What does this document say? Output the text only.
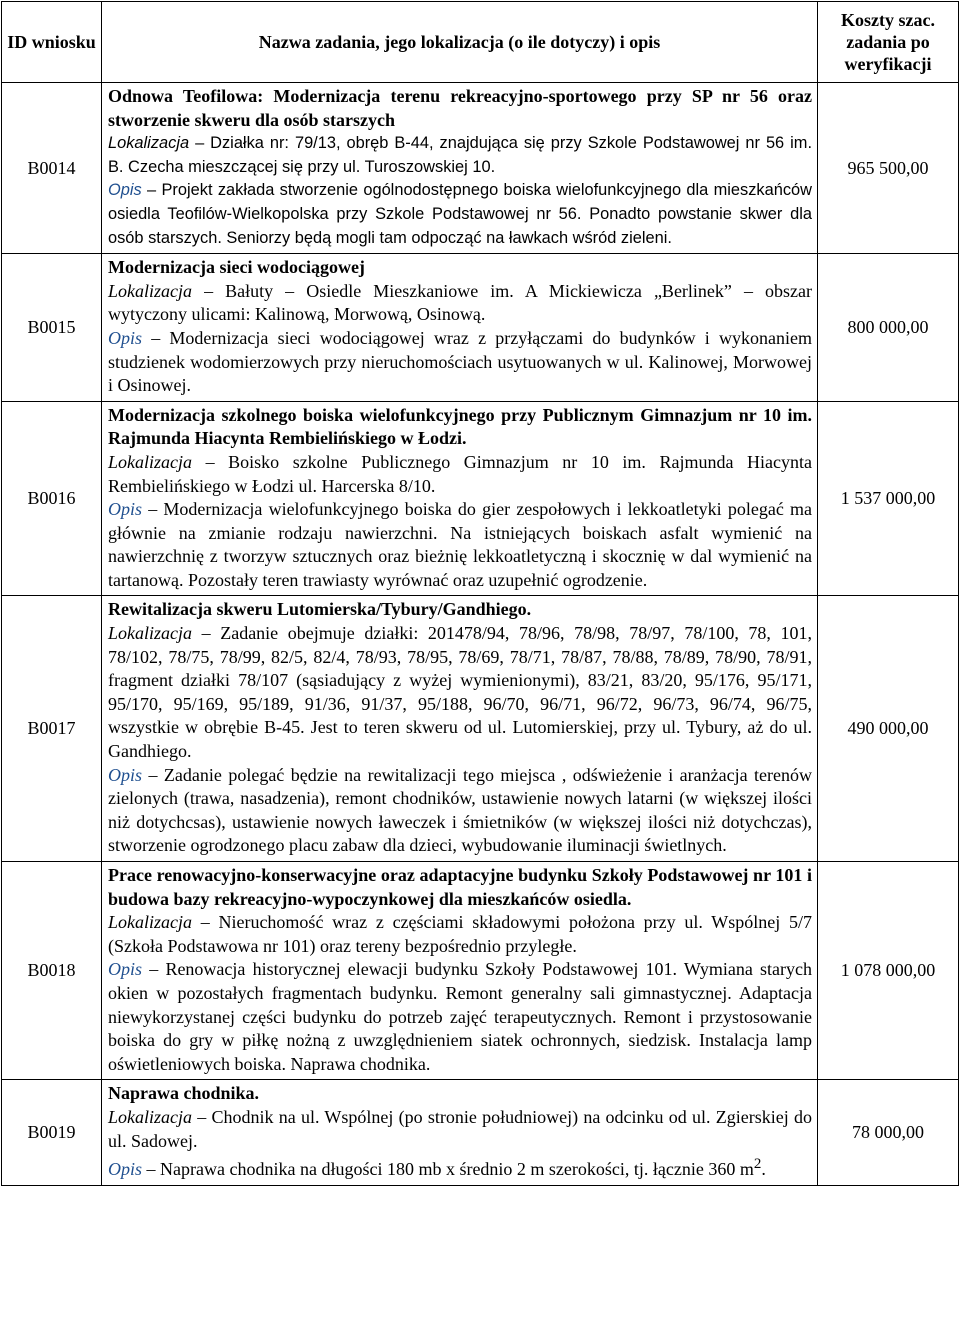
ID wniosku	Nazwa zadania, jego lokalizacja (o ile dotyczy) i opis	Koszty szac. zadania po weryfikacji
B0014	Odnowa Teofilowa: Modernizacja terenu rekreacyjno-sportowego przy SP nr 56 oraz stworzenie skweru dla osób starszych
Lokalizacja – Działka nr: 79/13, obręb B-44, znajdująca się przy Szkole Podstawowej nr 56 im. B. Czecha mieszczącej się przy ul. Turoszowskiej 10.
Opis – Projekt zakłada stworzenie ogólnodostępnego boiska wielofunkcyjnego dla mieszkańców osiedla Teofilów-Wielkopolska przy Szkole Podstawowej nr 56. Ponadto powstanie skwer dla osób starszych. Seniorzy będą mogli tam odpocząć na ławkach wśród zieleni.	965 500,00
B0015	Modernizacja sieci wodociągowej
Lokalizacja – Bałuty – Osiedle Mieszkaniowe im. A Mickiewicza „Berlinek” – obszar wytyczony ulicami: Kalinową, Morwową, Osinową.
Opis – Modernizacja sieci wodociągowej wraz z przyłączami do budynków i wykonaniem studzienek wodomierzowych przy nieruchomościach usytuowanych w ul. Kalinowej, Morwowej i Osinowej.	800 000,00
B0016	Modernizacja szkolnego boiska wielofunkcyjnego przy Publicznym Gimnazjum nr 10 im. Rajmunda Hiacynta Rembielińskiego w Łodzi.
Lokalizacja – Boisko szkolne Publicznego Gimnazjum nr 10 im. Rajmunda Hiacynta Rembielińskiego w Łodzi ul. Harcerska 8/10.
Opis – Modernizacja wielofunkcyjnego boiska do gier zespołowych i lekkoatletyki polegać ma głównie na zmianie rodzaju nawierzchni. Na istniejących boiskach asfalt wymienić na nawierzchnię z tworzyw sztucznych oraz bieżnię lekkoatletyczną i skocznię w dal wymienić na tartanową. Pozostały teren trawiasty wyrównać oraz uzupełnić ogrodzenie.	1 537 000,00
B0017	Rewitalizacja skweru Lutomierska/Tybury/Gandhiego.
Lokalizacja – Zadanie obejmuje działki: 201478/94, 78/96, 78/98, 78/97, 78/100, 78, 101, 78/102, 78/75, 78/99, 82/5, 82/4, 78/93, 78/95, 78/69, 78/71, 78/87, 78/88, 78/89, 78/90, 78/91, fragment działki 78/107 (sąsiadujący z wyżej wymienionymi), 83/21, 83/20, 95/176, 95/171, 95/170, 95/169, 95/189, 91/36, 91/37, 95/188, 96/70, 96/71, 96/72, 96/73, 96/74, 96/75, wszystkie w obrębie B-45. Jest to teren skweru od ul. Lutomierskiej, przy ul. Tybury, aż do ul. Gandhiego.
Opis – Zadanie polegać będzie na rewitalizacji tego miejsca , odświeżenie i aranżacja terenów zielonych (trawa, nasadzenia), remont chodników, ustawienie nowych latarni (w większej ilości niż dotychcsas), ustawienie nowych ławeczek i śmietników (w większej ilości niż dotychczas), stworzenie ogrodzonego placu zabaw dla dzieci, wybudowanie iluminacji świetlnych.	490 000,00
B0018	Prace renowacyjno-konserwacyjne oraz adaptacyjne budynku Szkoły Podstawowej nr 101 i budowa bazy rekreacyjno-wypoczynkowej dla mieszkańców osiedla.
Lokalizacja – Nieruchomość wraz z częściami składowymi położona przy ul. Wspólnej 5/7 (Szkoła Podstawowa nr 101) oraz tereny bezpośrednio przyległe.
Opis – Renowacja historycznej elewacji budynku Szkoły Podstawowej 101. Wymiana starych okien w pozostałych fragmentach budynku. Remont generalny sali gimnastycznej. Adaptacja niewykorzystanej części budynku do potrzeb zajęć terapeutycznych. Remont i przystosowanie boiska do gry w piłkę nożną z uwzględnieniem siatek ochronnych, siedzisk. Instalacja lamp oświetleniowych boiska. Naprawa chodnika.	1 078 000,00
B0019	Naprawa chodnika.
Lokalizacja – Chodnik na ul. Wspólnej (po stronie południowej) na odcinku od ul. Zgierskiej do ul. Sadowej.
Opis – Naprawa chodnika na długości 180 mb x średnio 2 m szerokości, tj. łącznie 360 $m^2$.	78 000,00
